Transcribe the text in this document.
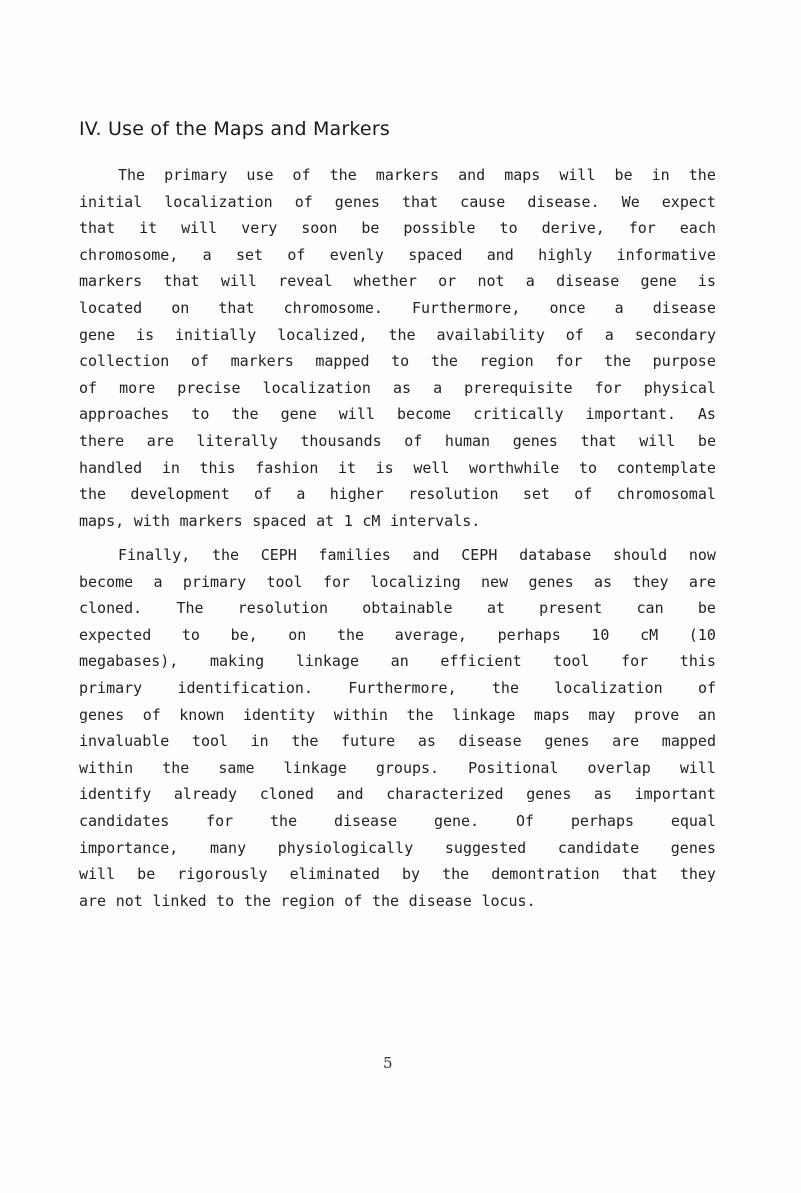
IV. Use of the Maps and Markers
The primary use of the markers and maps will be in the
initial localization of genes that cause disease. We expect
that it will very soon be possible to derive, for each
chromosome, a set of evenly spaced and highly informative
markers that will reveal whether or not a disease gene is
located on that chromosome. Furthermore, once a disease
gene is initially localized, the availability of a secondary
collection of markers mapped to the region for the purpose
of more precise localization as a prerequisite for physical
approaches to the gene will become critically important. As
there are literally thousands of human genes that will be
handled in this fashion it is well worthwhile to contemplate
the development of a higher resolution set of chromosomal
maps, with markers spaced at 1 cM intervals.
Finally, the CEPH families and CEPH database should now
become a primary tool for localizing new genes as they are
cloned. The resolution obtainable at present can be
expected to be, on the average, perhaps 10 cM (10
megabases), making linkage an efficient tool for this
primary identification. Furthermore, the localization of
genes of known identity within the linkage maps may prove an
invaluable tool in the future as disease genes are mapped
within the same linkage groups. Positional overlap will
identify already cloned and characterized genes as important
candidates for the disease gene. Of perhaps equal
importance, many physiologically suggested candidate genes
will be rigorously eliminated by the demontration that they
are not linked to the region of the disease locus.
5
